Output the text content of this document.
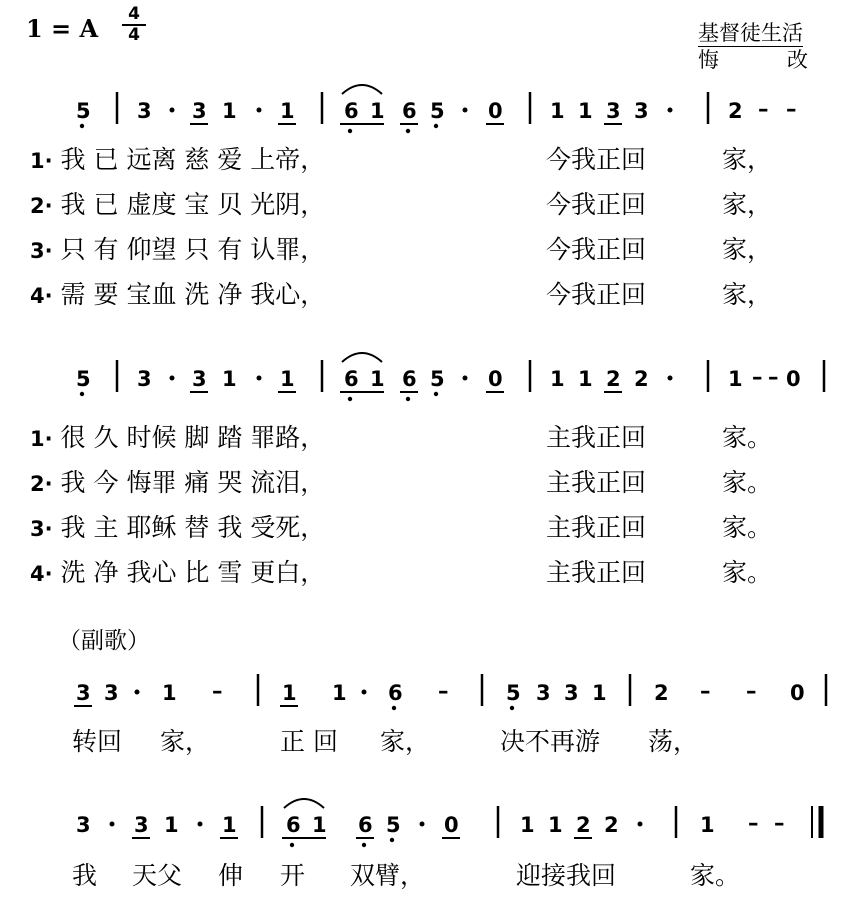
1 = A	4
4	基督徒生活
悔　改
5 3 3 1 1 6 1 6 5 0 1 1 3 3	2 – –
5 3 3 1 1 6 1 6 5 0 1 1 2 2	1 – – 0
3 3 1 –	1 1 6 –	5 3 3 1 2 – – 0
3 3 1 1 6 1 6 5 0	1 1 2 2	1 – –
1· 我 已 远离 慈 爱 上帝，	今我正回	家，
2· 我 已 虚度 宝 贝 光阴，	今我正回	家，
3· 只 有 仰望 只 有 认罪，	今我正回	家，
4· 需 要 宝血 洗 净 我心，	今我正回	家，
1· 很 久 时候 脚 踏 罪路，	主我正回	家。
2· 我 今 悔罪 痛 哭 流泪，	主我正回	家。
3· 我 主 耶稣 替 我 受死，	主我正回	家。
4· 洗 净 我心 比 雪 更白，	主我正回	家。
（副歌）
转回 家，	正 回 家，	决不再游 荡，
我 天父 伸 开 双臂，	迎接我回	家。
